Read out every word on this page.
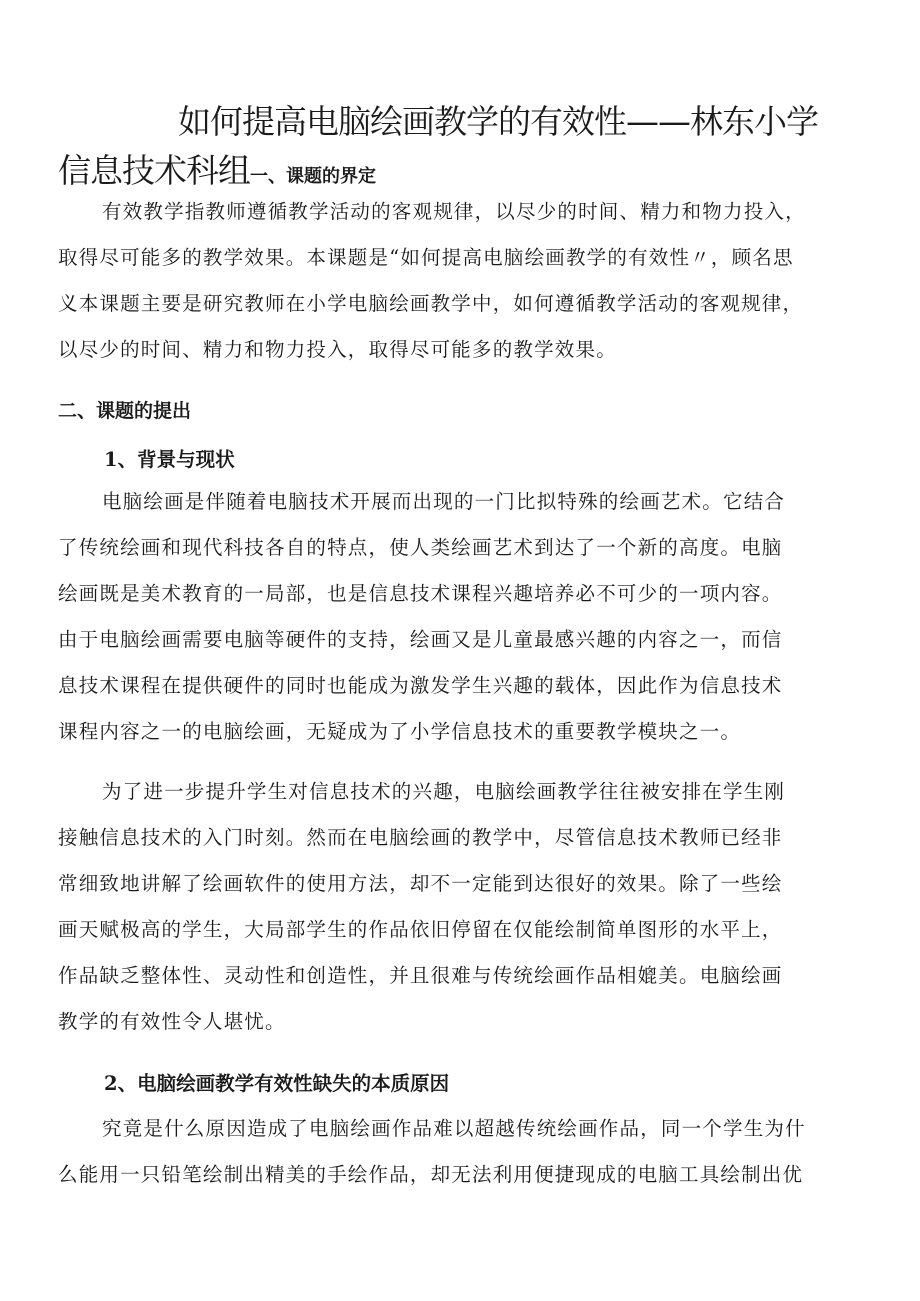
如何提高电脑绘画教学的有效性——林东小学
信息技术科组一、课题的界定
有效教学指教师遵循教学活动的客观规律，以尽少的时间、精力和物力投入，
取得尽可能多的教学效果。本课题是“如何提高电脑绘画教学的有效性〃，顾名思
义本课题主要是研究教师在小学电脑绘画教学中，如何遵循教学活动的客观规律，
以尽少的时间、精力和物力投入，取得尽可能多的教学效果。
二、课题的提出
1、背景与现状
电脑绘画是伴随着电脑技术开展而出现的一门比拟特殊的绘画艺术。它结合
了传统绘画和现代科技各自的特点，使人类绘画艺术到达了一个新的高度。电脑
绘画既是美术教育的一局部，也是信息技术课程兴趣培养必不可少的一项内容。
由于电脑绘画需要电脑等硬件的支持，绘画又是儿童最感兴趣的内容之一，而信
息技术课程在提供硬件的同时也能成为激发学生兴趣的载体，因此作为信息技术
课程内容之一的电脑绘画，无疑成为了小学信息技术的重要教学模块之一。
为了进一步提升学生对信息技术的兴趣，电脑绘画教学往往被安排在学生刚
接触信息技术的入门时刻。然而在电脑绘画的教学中，尽管信息技术教师已经非
常细致地讲解了绘画软件的使用方法，却不一定能到达很好的效果。除了一些绘
画天赋极高的学生，大局部学生的作品依旧停留在仅能绘制简单图形的水平上，
作品缺乏整体性、灵动性和创造性，并且很难与传统绘画作品相媲美。电脑绘画
教学的有效性令人堪忧。
2、电脑绘画教学有效性缺失的本质原因
究竟是什么原因造成了电脑绘画作品难以超越传统绘画作品，同一个学生为什
么能用一只铅笔绘制出精美的手绘作品，却无法利用便捷现成的电脑工具绘制出优
